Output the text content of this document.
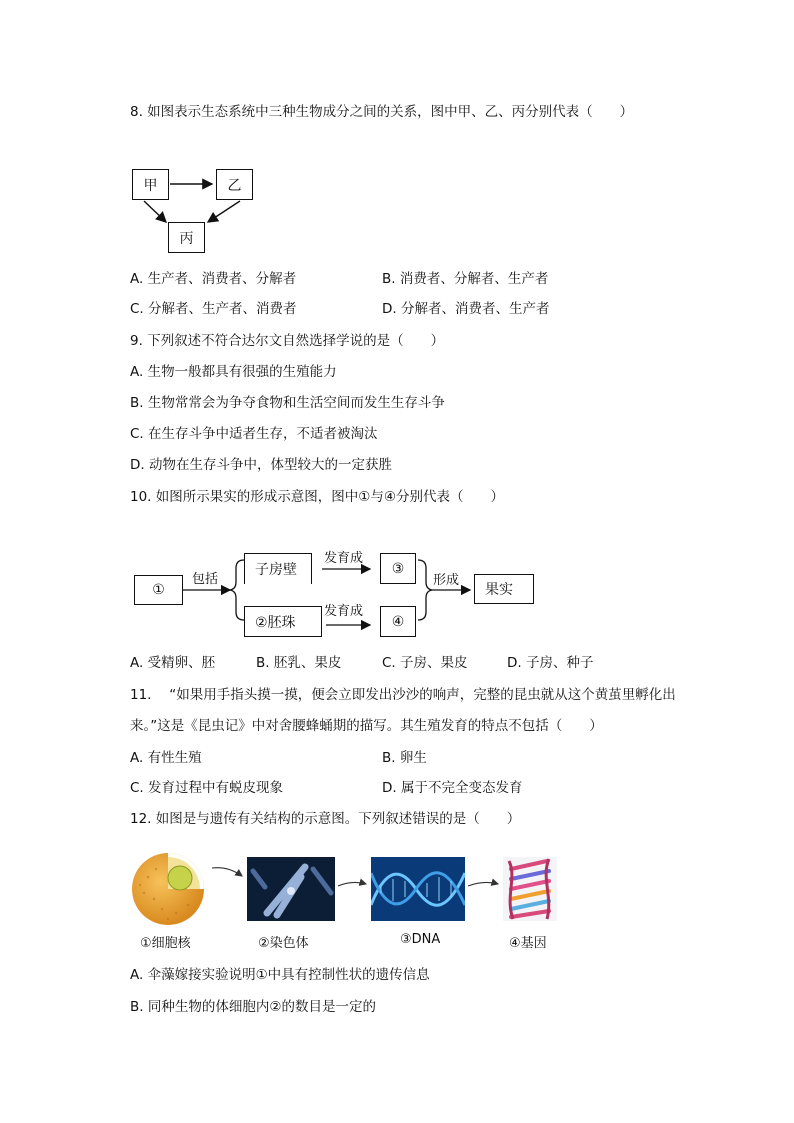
8. 如图表示生态系统中三种生物成分之间的关系，图中甲、乙、丙分别代表（　　）
甲	乙
丙
A. 生产者、消费者、分解者	B. 消费者、分解者、生产者
C. 分解者、生产者、消费者	D. 分解者、消费者、生产者
9. 下列叙述不符合达尔文自然选择学说的是（　　）
A. 生物一般都具有很强的生殖能力
B. 生物常常会为争夺食物和生活空间而发生生存斗争
C. 在生存斗争中适者生存，不适者被淘汰
D. 动物在生存斗争中，体型较大的一定获胜
10. 如图所示果实的形成示意图，图中①与④分别代表（　　）
①
包括
子房壁
②胚珠
发育成
发育成
③
④
形成
果实
A. 受精卵、胚	B. 胚乳、果皮	C. 子房、果皮	D. 子房、种子
11.　 “如果用手指头摸一摸，便会立即发出沙沙的响声，完整的昆虫就从这个黄茧里孵化出
来。”这是《昆虫记》中对舍腰蜂蛹期的描写。其生殖发育的特点不包括（　　）
A. 有性生殖	B. 卵生
C. 发育过程中有蜕皮现象	D. 属于不完全变态发育
12. 如图是与遗传有关结构的示意图。下列叙述错误的是（　　）
①细胞核	②染色体	③DNA	④基因
A. 伞藻嫁接实验说明①中具有控制性状的遗传信息
B. 同种生物的体细胞内②的数目是一定的
